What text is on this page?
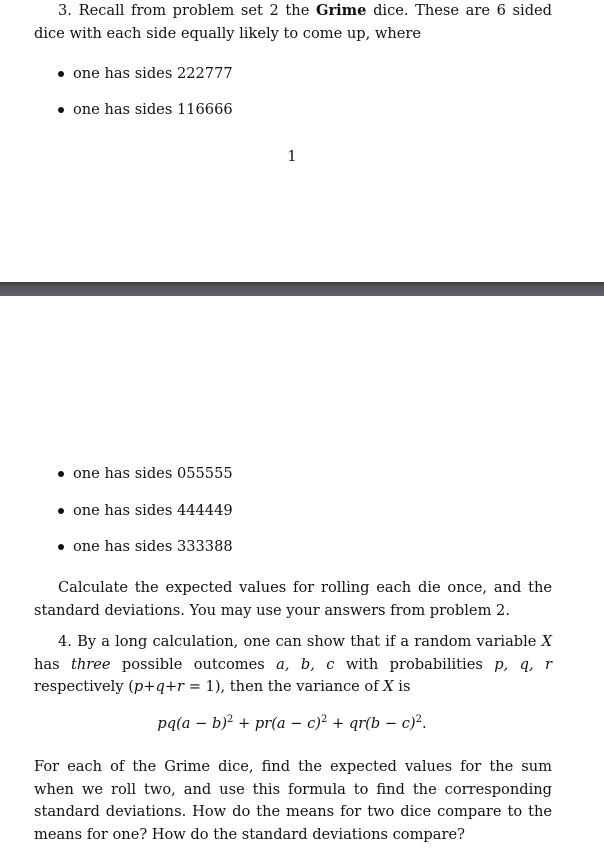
3. Recall from problem set 2 the Grime dice. These are 6 sided dice with each side equally likely to come up, where

one has sides 222777
one has sides 116666
1
one has sides 055555
one has sides 444449
one has sides 333388

Calculate the expected values for rolling each die once, and the standard deviations. You may use your answers from problem 2.

4. By a long calculation, one can show that if a random variable X has three possible outcomes a, b, c with probabilities p, q, r respectively (p+q+r = 1), then the variance of X is

$pq(a - b)^2 + pr(a - c)^2 + qr(b - c)^2$.

For each of the Grime dice, find the expected values for the sum when we roll two, and use this formula to find the corresponding standard deviations. How do the means for two dice compare to the means for one? How do the standard deviations compare?
